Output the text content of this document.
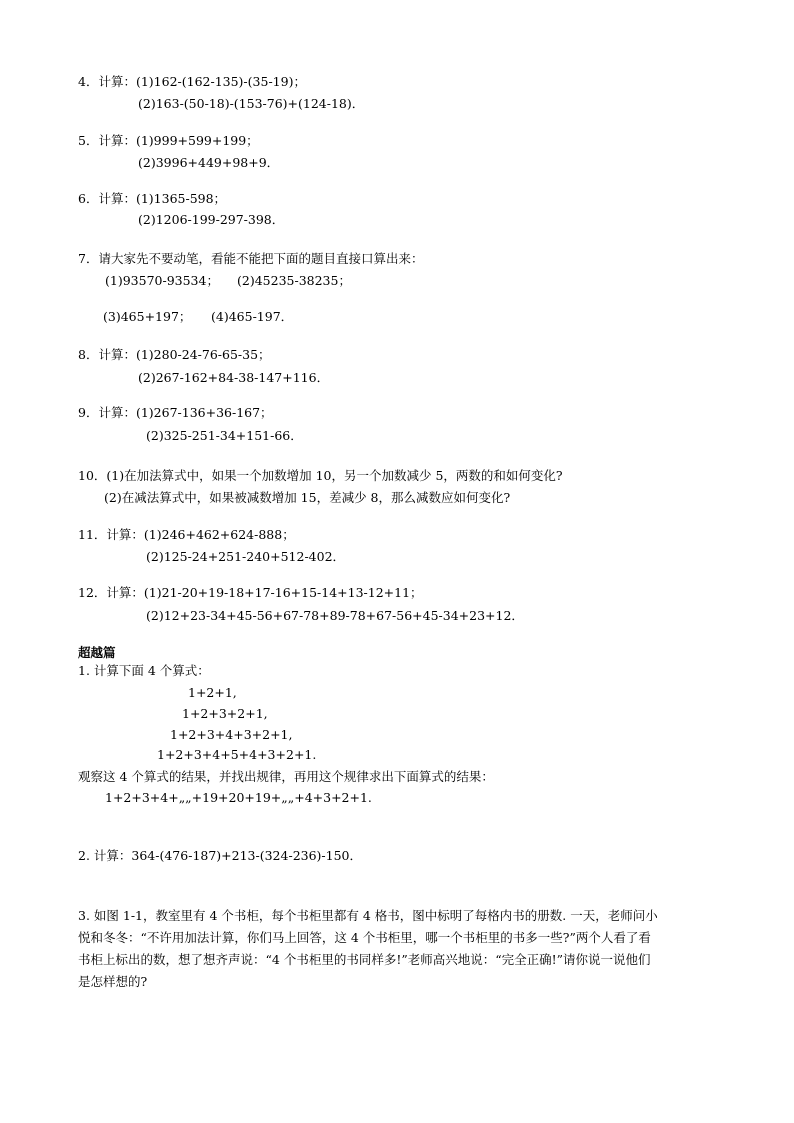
4．计算：(1)162-(162-135)-(35-19)；
(2)163-(50-18)-(153-76)+(124-18)．
5．计算：(1)999+599+199；
(2)3996+449+98+9．
6．计算：(1)1365-598；
(2)1206-199-297-398．
7．请大家先不要动笔，看能不能把下面的题目直接口算出来：
(1)93570-93534； (2)45235-38235；
(3)465+197； (4)465-197．
8．计算：(1)280-24-76-65-35；
(2)267-162+84-38-147+116．
9．计算：(1)267-136+36-167；
(2)325-251-34+151-66．
10．(1)在加法算式中，如果一个加数增加 10，另一个加数减少 5，两数的和如何变化?
(2)在减法算式中，如果被减数增加 15，差减少 8，那么减数应如何变化?
11．计算：(1)246+462+624-888；
(2)125-24+251-240+512-402．
12．计算：(1)21-20+19-18+17-16+15-14+13-12+11；
(2)12+23-34+45-56+67-78+89-78+67-56+45-34+23+12．
超越篇
1. 计算下面 4 个算式：
1+2+1,
1+2+3+2+1,
1+2+3+4+3+2+1,
1+2+3+4+5+4+3+2+1.
观察这 4 个算式的结果，并找出规律，再用这个规律求出下面算式的结果：
1+2+3+4+„„+19+20+19+„„+4+3+2+1.
2. 计算：364-(476-187)+213-(324-236)-150．
3. 如图 1-1，教室里有 4 个书柜，每个书柜里都有 4 格书，图中标明了每格内书的册数. 一天，老师问小
悦和冬冬：“不许用加法计算，你们马上回答，这 4 个书柜里，哪一个书柜里的书多一些?”两个人看了看
书柜上标出的数，想了想齐声说：“4 个书柜里的书同样多!”老师高兴地说：“完全正确!”请你说一说他们
是怎样想的?
